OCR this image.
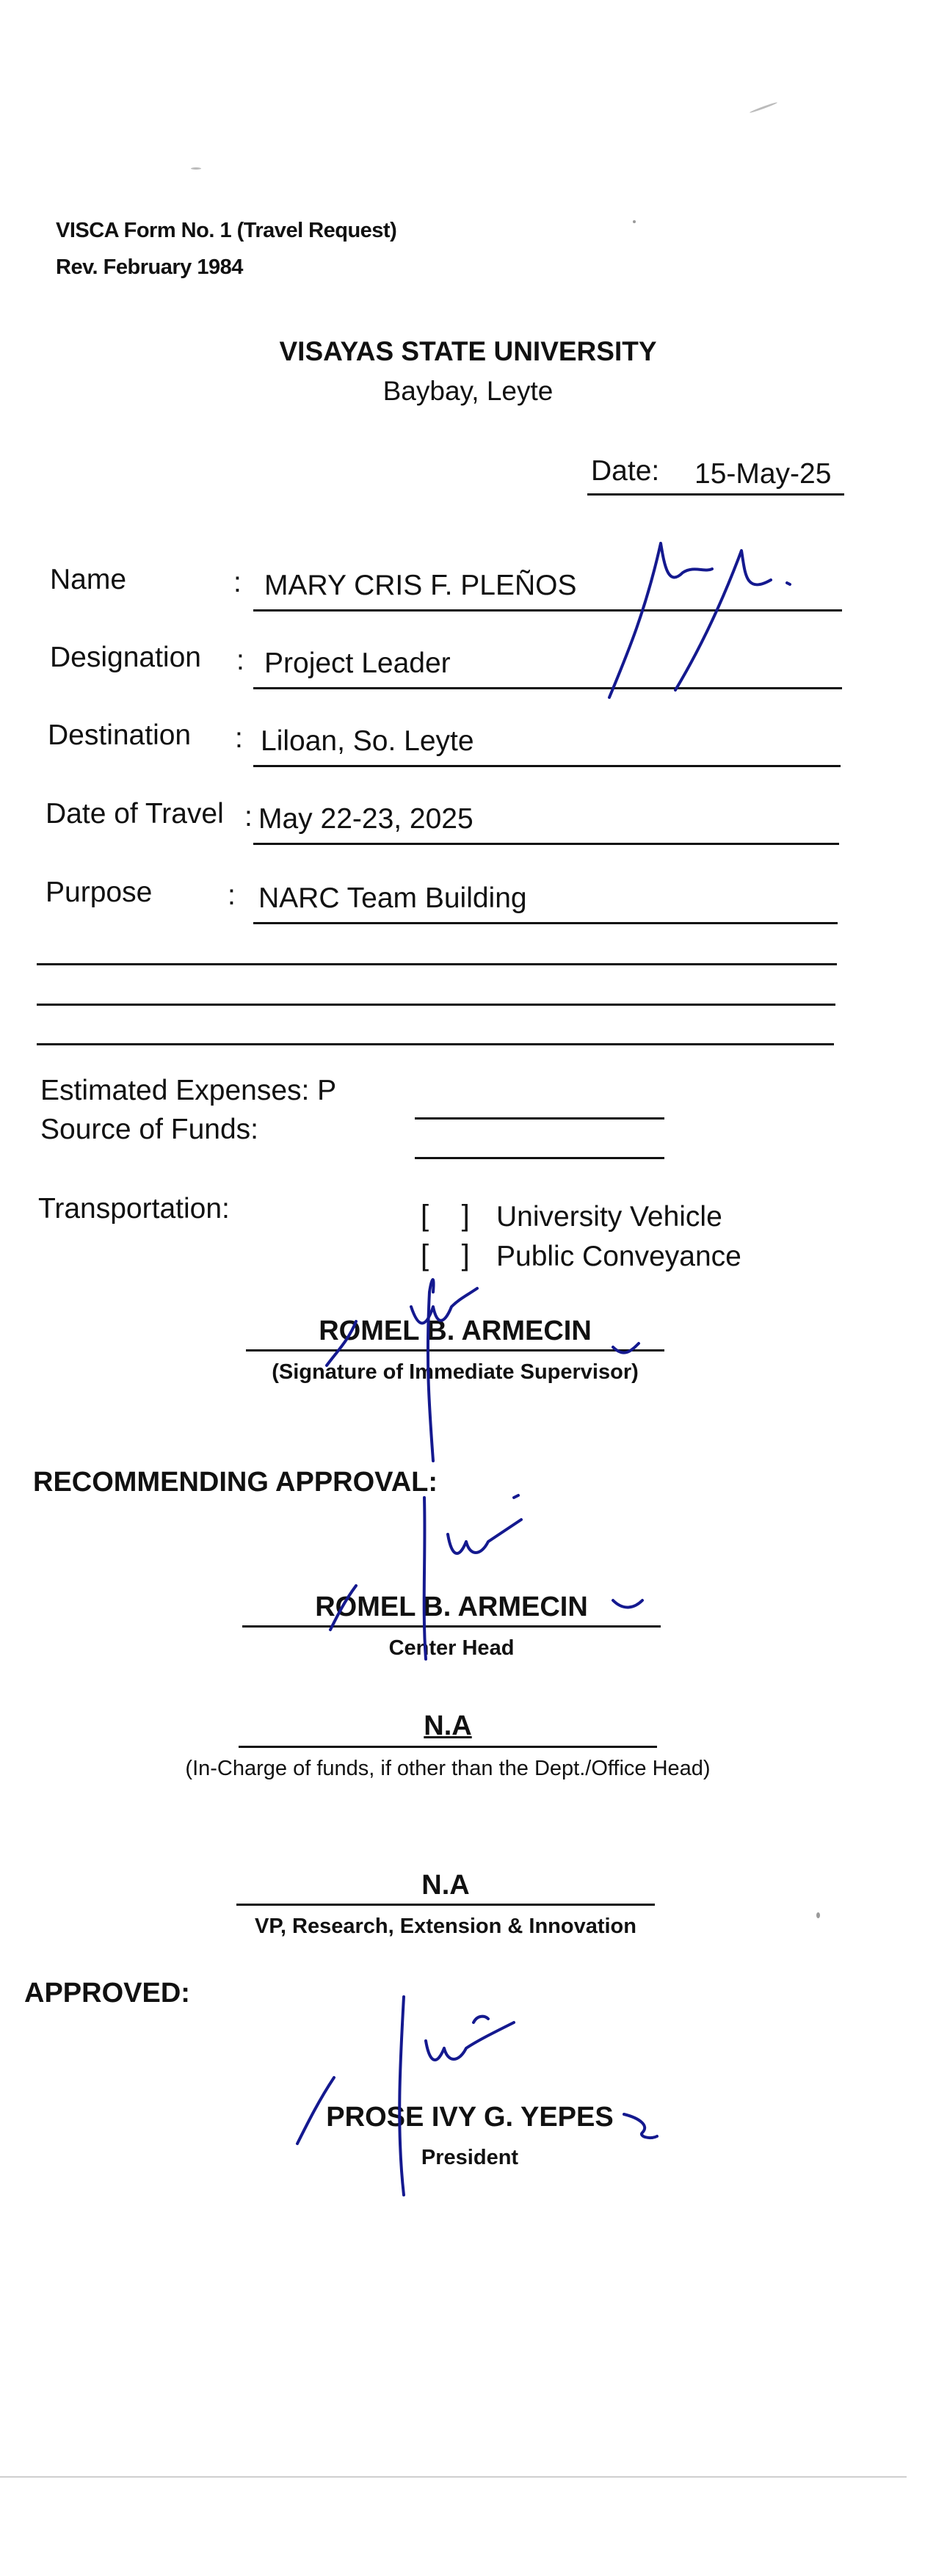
VISCA Form No. 1 (Travel Request)
Rev. February 1984
VISAYAS STATE UNIVERSITY
Baybay, Leyte
Date: 15-May-25
Name	: MARY CRIS F. PLEÑOS
Designation : Project Leader
Destination : Liloan, So. Leyte
Date of Travel : May 22-23, 2025
Purpose	: NARC Team Building
Estimated Expenses: P
Source of Funds:
Transportation:	[    ] University Vehicle
[    ] Public Conveyance
ROMEL B. ARMECIN
(Signature of Immediate Supervisor)
RECOMMENDING APPROVAL:
ROMEL B. ARMECIN
Center Head
N.A
(In-Charge of funds, if other than the Dept./Office Head)
N.A
VP, Research, Extension & Innovation
APPROVED:
PROSE IVY G. YEPES
President
